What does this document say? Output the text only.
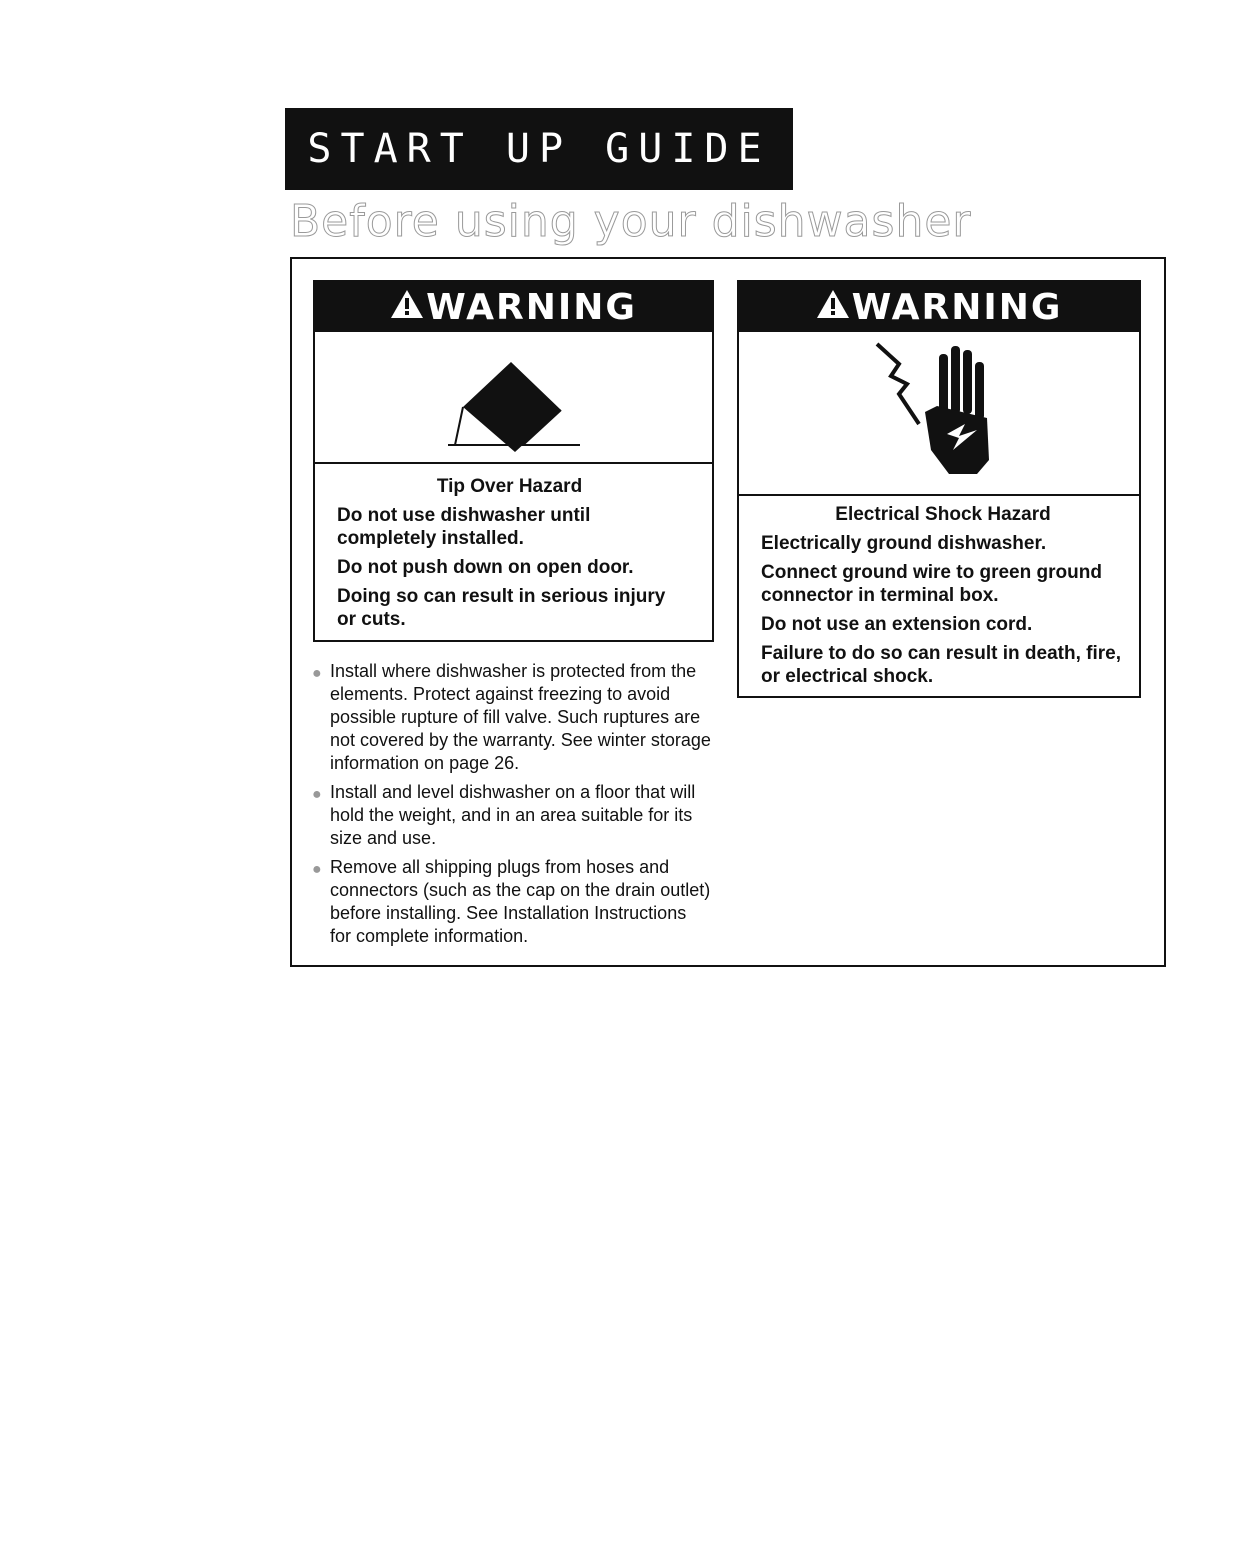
START UP GUIDE
Before using your dishwasher
WARNING

Tip Over Hazard

Do not use dishwasher until completely installed.

Do not push down on open door.

Doing so can result in serious injury or cuts.

WARNING

Electrical Shock Hazard

Electrically ground dishwasher.

Connect ground wire to green ground connector in terminal box.

Do not use an extension cord.

Failure to do so can result in death, fire, or electrical shock.

● Install where dishwasher is protected from the elements. Protect against freezing to avoid possible rupture of fill valve. Such ruptures are not covered by the warranty. See winter storage information on page 26.
● Install and level dishwasher on a floor that will hold the weight, and in an area suitable for its size and use.
● Remove all shipping plugs from hoses and connectors (such as the cap on the drain outlet) before installing. See Installation Instructions for complete information.
